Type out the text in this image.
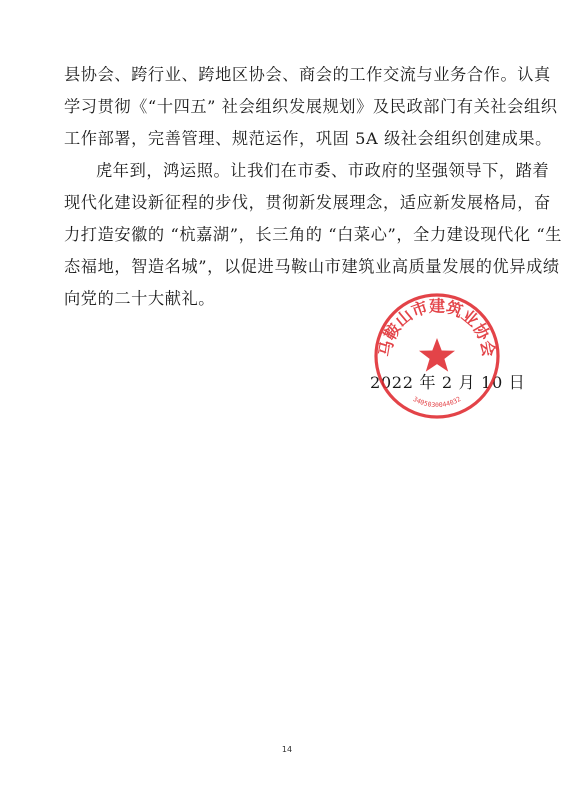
县协会、跨行业、跨地区协会、商会的工作交流与业务合作。认真
学习贯彻《“十四五” 社会组织发展规划》及民政部门有关社会组织
工作部署，完善管理、规范运作，巩固 5A 级社会组织创建成果。
虎年到，鸿运照。让我们在市委、市政府的坚强领导下，踏着
现代化建设新征程的步伐，贯彻新发展理念，适应新发展格局，奋
力打造安徽的 “杭嘉湖”，长三角的 “白菜心”，全力建设现代化 “生
态福地，智造名城”，以促进马鞍山市建筑业高质量发展的优异成绩
向党的二十大献礼。
2022 年 2 月 10 日
马鞍山市建筑业协会
3405030044032
14
